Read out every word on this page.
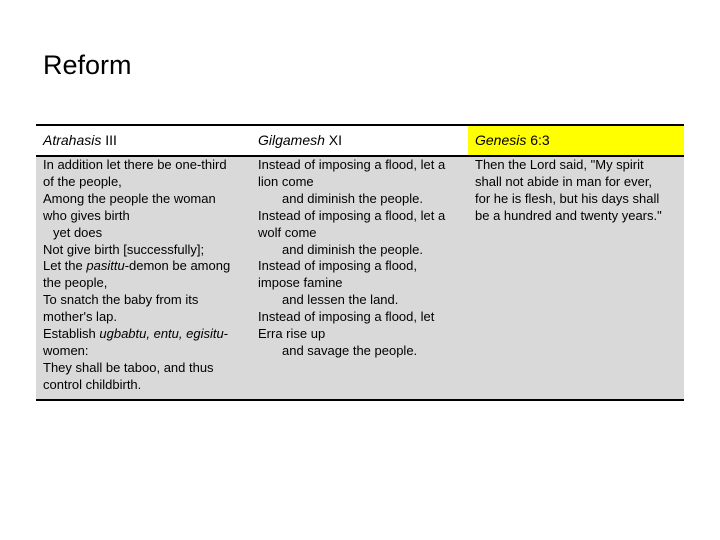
Reform
Atrahasis III	Gilgamesh XI	Genesis 6:3
In addition let there be one-third
of the people,
Among the people the woman
who gives birth
yet does
Not give birth [successfully];
Let the pasittu-demon be among
the people,
To snatch the baby from its
mother's lap.
Establish ugbabtu, entu, egisitu-
women:
They shall be taboo, and thus
control childbirth.
Instead of imposing a flood, let a
lion come
and diminish the people.
Instead of imposing a flood, let a
wolf come
and diminish the people.
Instead of imposing a flood,
impose famine
and lessen the land.
Instead of imposing a flood, let
Erra rise up
and savage the people.
Then the Lord said, "My spirit
shall not abide in man for ever,
for he is flesh, but his days shall
be a hundred and twenty years."
